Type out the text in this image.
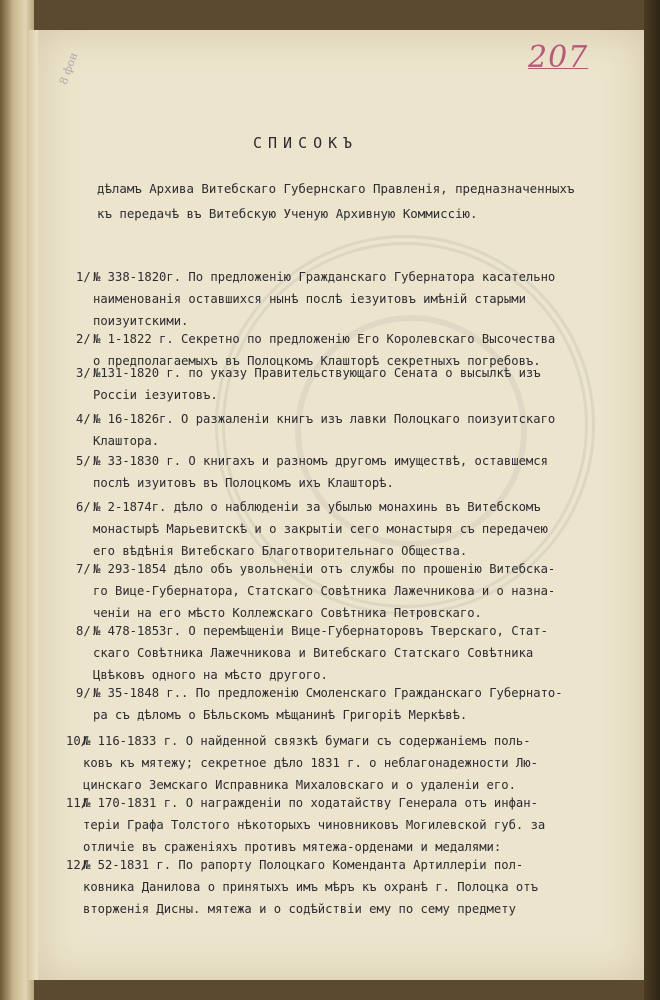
8 фон	207
СПИСОКЪ
дѣламъ Архива Витебскаго Губернскаго Правленія, предназначенныхъ
къ передачѣ въ Витебскую Ученую Архивную Коммиссію.
1/ № 338-1820г. По предложенію Гражданскаго Губернатора касательно
наименованія оставшихся нынѣ послѣ іезуитовъ имѣній старыми
поизуитскими.
2/ № 1-1822 г. Секретно по предложенію Его Королевскаго Высочества
о предполагаемыхъ въ Полоцкомъ Клашторѣ секретныхъ погребовъ.
3/ №131-1820 г. по указу Правительствующаго Сената о высылкѣ изъ
Россіи іезуитовъ.
4/ № 16-1826г. О разжаленіи книгъ изъ лавки Полоцкаго поизуитскаго
Клаштора.
5/ № 33-1830 г. О книгахъ и разномъ другомъ имуществѣ, оставшемся
послѣ изуитовъ въ Полоцкомъ ихъ Клашторѣ.
6/ № 2-1874г. дѣло о наблюденіи за убылью монахинь въ Витебскомъ
монастырѣ Марьевитскѣ и о закрытіи сего монастыря съ передачею
его вѣдѣнія Витебскаго Благотворительнаго Общества.
7/ № 293-1854 дѣло объ увольненіи отъ службы по прошенію Витебска-
го Вице-Губернатора, Статскаго Совѣтника Лажечникова и о назна-
ченіи на его мѣсто Коллежскаго Совѣтника Петровскаго.
8/ № 478-1853г. О перемѣщеніи Вице-Губернаторовъ Тверскаго, Стат-
скаго Совѣтника Лажечникова и Витебскаго Статскаго Совѣтника
Цвѣковъ одного на мѣсто другого.
9/ № 35-1848 г.. По предложенію Смоленскаго Гражданскаго Губернато-
ра съ дѣломъ о Бѣльскомъ мѣщанинѣ Григоріѣ Меркѣвѣ.
10/№ 116-1833 г. О найденной связкѣ бумаги съ содержаніемъ поль-
ковъ къ мятежу; секретное дѣло 1831 г. о неблагонадежности Лю-
цинскаго Земскаго Исправника Михаловскаго и о удаленіи его.
11/№ 170-1831 г. О награжденіи по ходатайству Генерала отъ инфан-
теріи Графа Толстого нѣкоторыхъ чиновниковъ Могилевской губ. за
отличіе въ сраженіяхъ противъ мятежа-орденами и медалями:
12/№ 52-1831 г. По рапорту Полоцкаго Коменданта Артиллеріи пол-
ковника Данилова о принятыхъ имъ мѣръ къ охранѣ г. Полоцка отъ
вторженія Дисны. мятежа и о содѣйствіи ему по сему предмету
